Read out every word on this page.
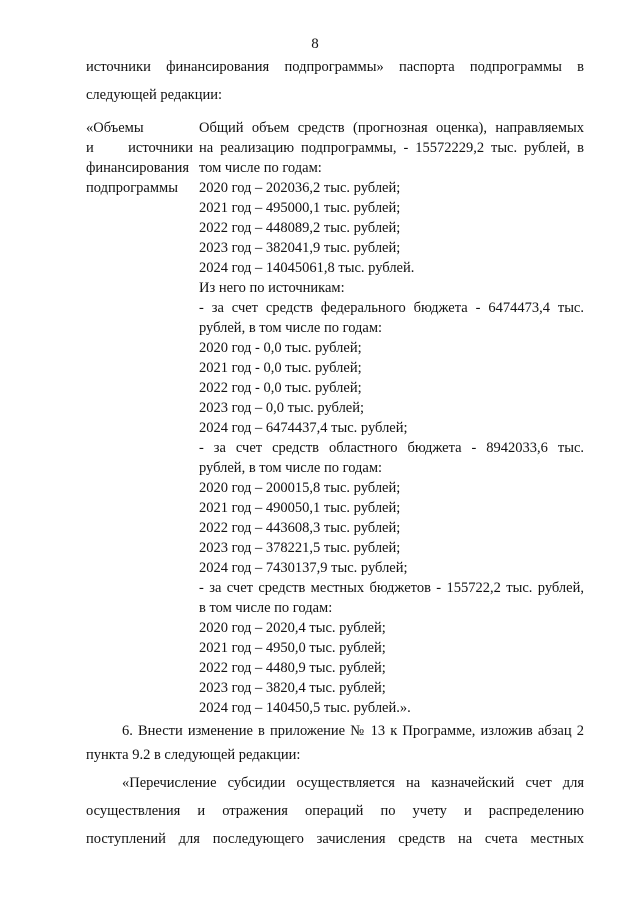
8
источники финансирования подпрограммы» паспорта подпрограммы в
следующей редакции:
«Объемы
и источники
финансирования
подпрограммы
Общий объем средств (прогнозная оценка), направляемых
на реализацию подпрограммы, - 15572229,2 тыс. рублей, в
том числе по годам:
2020 год – 202036,2 тыс. рублей;
2021 год – 495000,1 тыс. рублей;
2022 год – 448089,2 тыс. рублей;
2023 год – 382041,9 тыс. рублей;
2024 год – 14045061,8 тыс. рублей.
Из него по источникам:
- за счет средств федерального бюджета - 6474473,4 тыс.
рублей, в том числе по годам:
2020 год - 0,0 тыс. рублей;
2021 год - 0,0 тыс. рублей;
2022 год - 0,0 тыс. рублей;
2023 год – 0,0 тыс. рублей;
2024 год – 6474437,4 тыс. рублей;
- за счет средств областного бюджета - 8942033,6 тыс.
рублей, в том числе по годам:
2020 год – 200015,8 тыс. рублей;
2021 год – 490050,1 тыс. рублей;
2022 год – 443608,3 тыс. рублей;
2023 год – 378221,5 тыс. рублей;
2024 год – 7430137,9 тыс. рублей;
- за счет средств местных бюджетов - 155722,2 тыс. рублей,
в том числе по годам:
2020 год – 2020,4 тыс. рублей;
2021 год – 4950,0 тыс. рублей;
2022 год – 4480,9 тыс. рублей;
2023 год – 3820,4 тыс. рублей;
2024 год – 140450,5 тыс. рублей.».
6. Внести изменение в приложение № 13 к Программе, изложив абзац 2
пункта 9.2 в следующей редакции:
«Перечисление субсидии осуществляется на казначейский счет для
осуществления и отражения операций по учету и распределению
поступлений для последующего зачисления средств на счета местных
